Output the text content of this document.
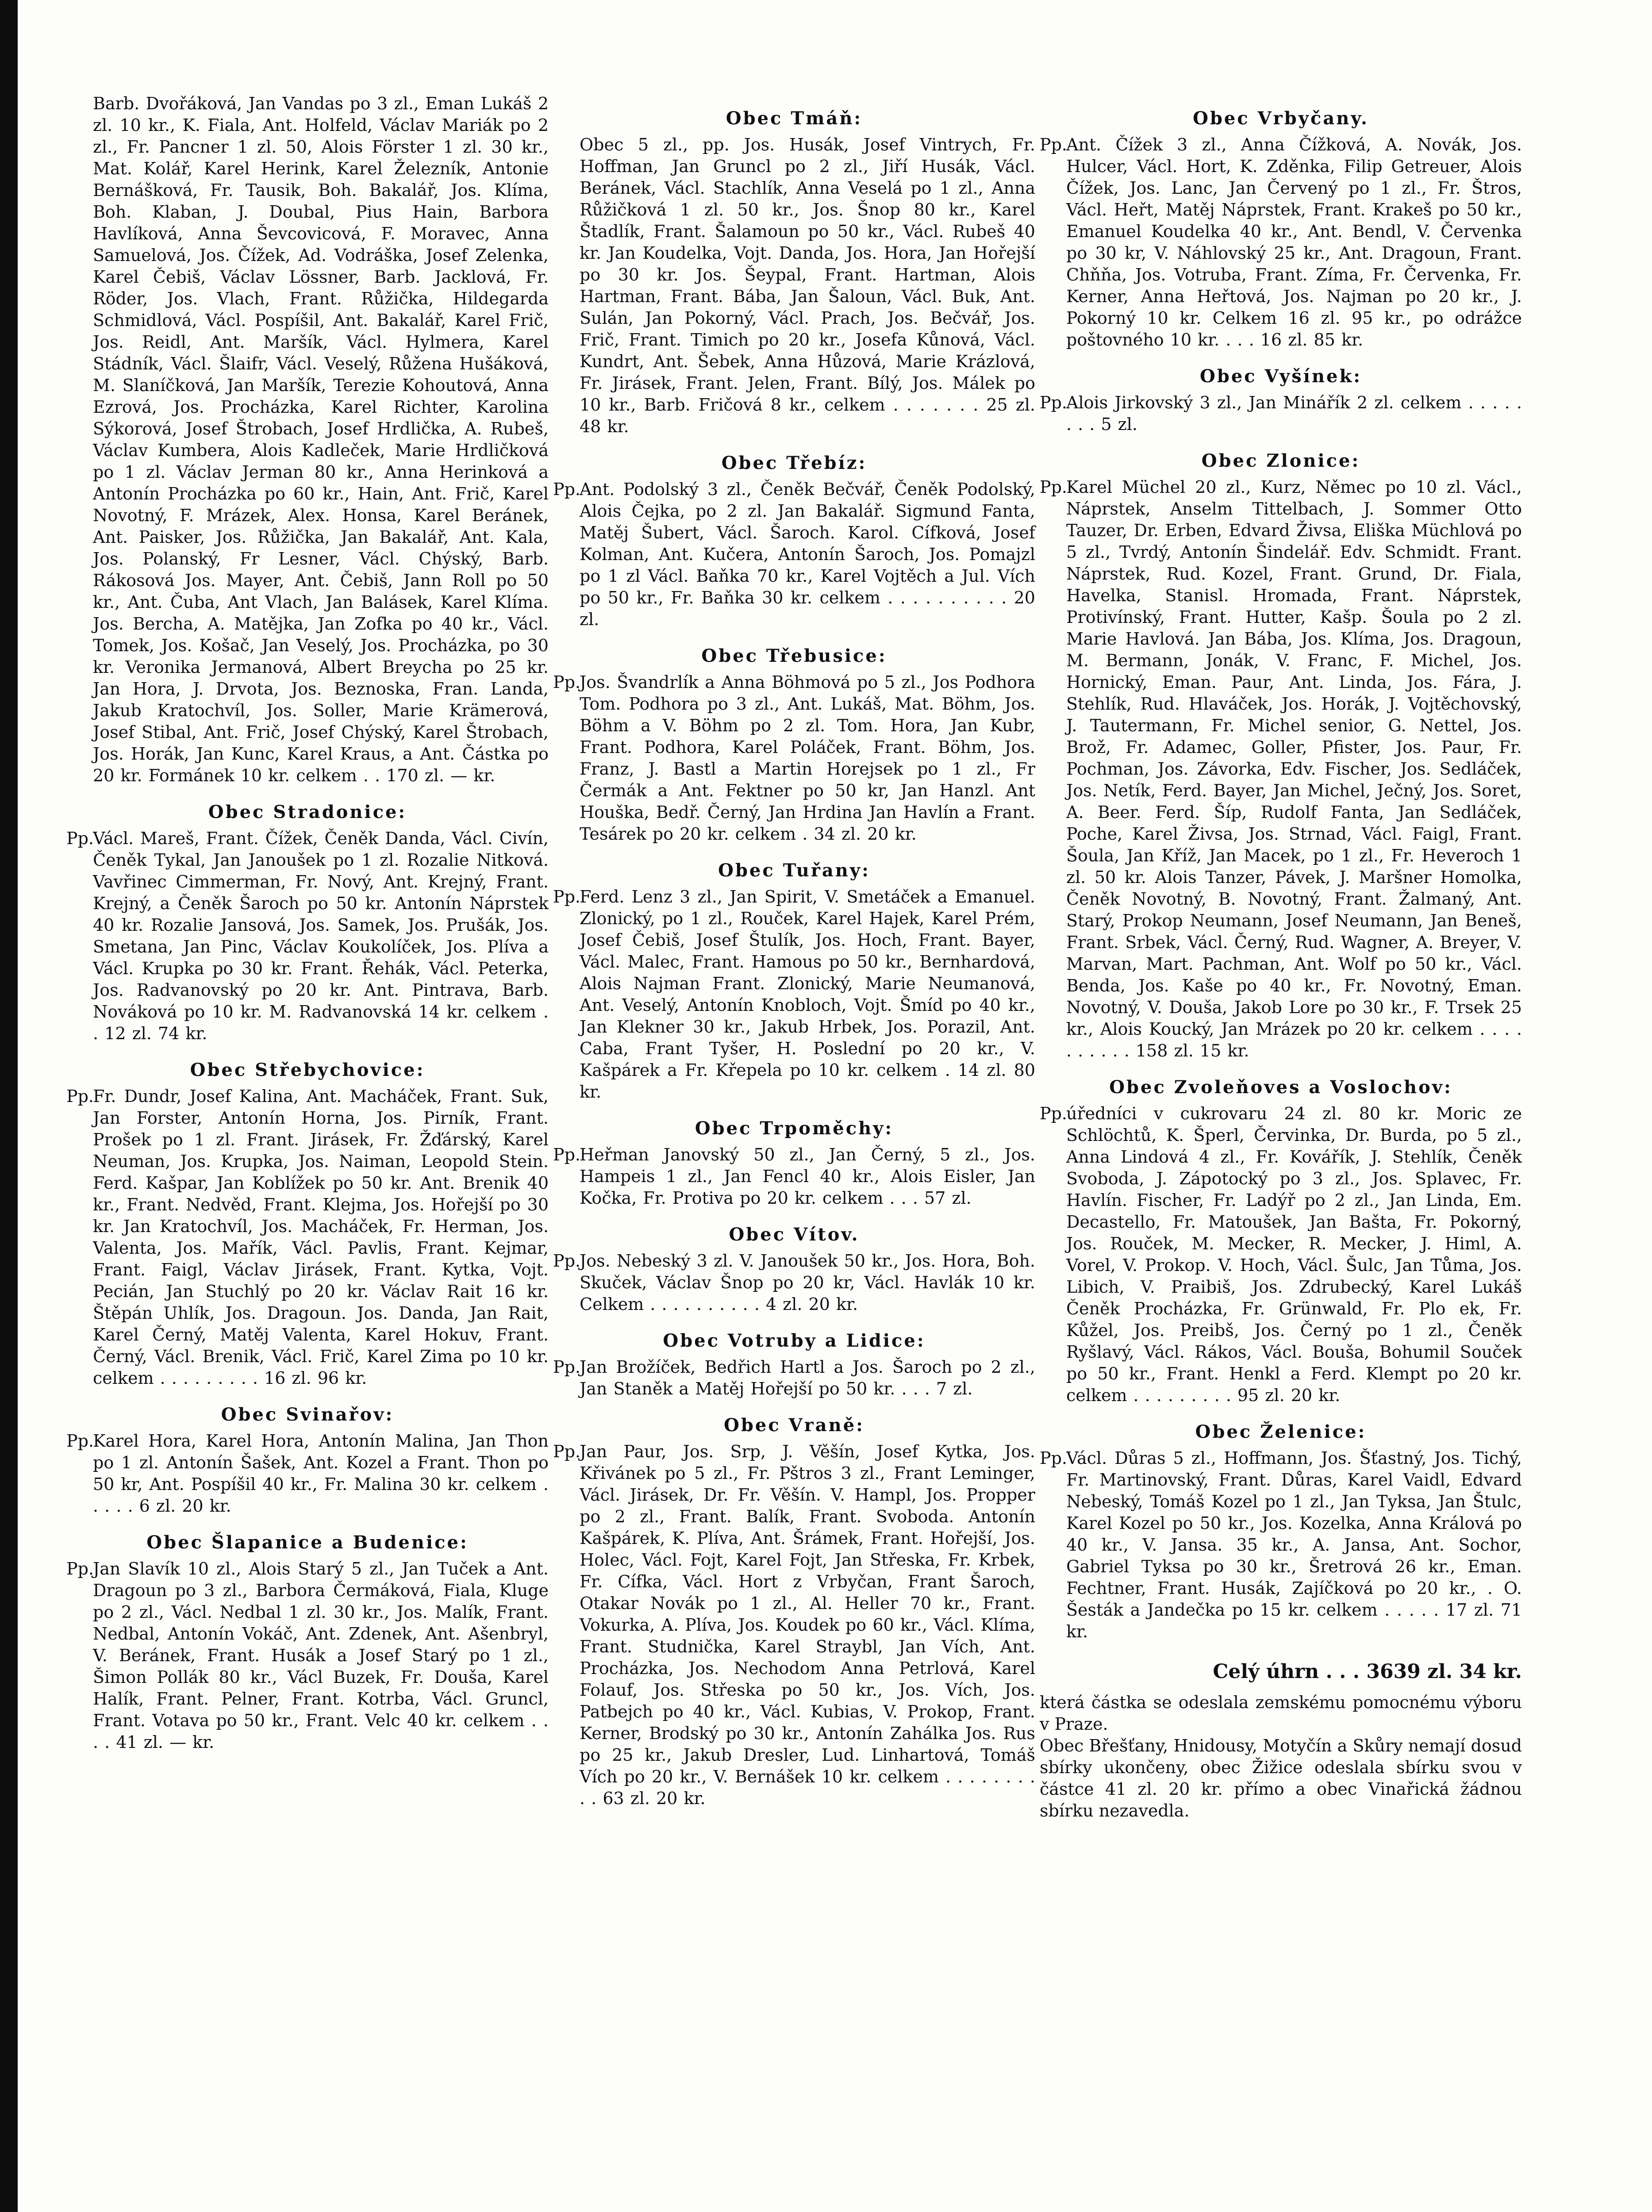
Barb. Dvořáková, Jan Vandas po 3 zl., Eman Lukáš 2 zl. 10 kr., K. Fiala, Ant. Holfeld, Václav Mariák po 2 zl., Fr. Pancner 1 zl. 50, Alois Förster 1 zl. 30 kr., Mat. Kolář, Karel Herink, Karel Železník, Antonie Bernášková, Fr. Tausik, Boh. Bakalář, Jos. Klíma, Boh. Klaban, J. Doubal, Pius Hain, Barbora Havlíková, Anna Ševcovicová, F. Moravec, Anna Samuelová, Jos. Čížek, Ad. Vodráška, Josef Zelenka, Karel Čebiš, Václav Lössner, Barb. Jacklová, Fr. Röder, Jos. Vlach, Frant. Růžička, Hildegarda Schmidlová, Václ. Pospíšil, Ant. Bakalář, Karel Frič, Jos. Reidl, Ant. Maršík, Václ. Hylmera, Karel Stádník, Václ. Šlaifr, Václ. Veselý, Růžena Hušáková, M. Slaníčková, Jan Maršík, Terezie Kohoutová, Anna Ezrová, Jos. Procházka, Karel Richter, Karolina Sýkorová, Josef Štrobach, Josef Hrdlička, A. Rubeš, Václav Kumbera, Alois Kadleček, Marie Hrdličková po 1 zl. Václav Jerman 80 kr., Anna Herinková a Antonín Procházka po 60 kr., Hain, Ant. Frič, Karel Novotný, F. Mrázek, Alex. Honsa, Karel Beránek, Ant. Paisker, Jos. Růžička, Jan Bakalář, Ant. Kala, Jos. Polanský, Fr Lesner, Václ. Chýský, Barb. Rákosová Jos. Mayer, Ant. Čebiš, Jann Roll po 50 kr., Ant. Čuba, Ant Vlach, Jan Balásek, Karel Klíma. Jos. Bercha, A. Matějka, Jan Zofka po 40 kr., Václ. Tomek, Jos. Košač, Jan Veselý, Jos. Procházka, po 30 kr. Veronika Jermanová, Albert Breycha po 25 kr. Jan Hora, J. Drvota, Jos. Beznoska, Fran. Landa, Jakub Kratochvíl, Jos. Soller, Marie Krämerová, Josef Stibal, Ant. Frič, Josef Chýský, Karel Štrobach, Jos. Horák, Jan Kunc, Karel Kraus, a Ant. Částka po 20 kr. Formánek 10 kr. celkem . . 170 zl. — kr.
Obec Stradonice:
Pp.
Václ. Mareš, Frant. Čížek, Čeněk Danda, Václ. Civín, Čeněk Tykal, Jan Janoušek po 1 zl. Rozalie Nitková. Vavřinec Cimmerman, Fr. Nový, Ant. Krejný, Frant. Krejný, a Čeněk Šaroch po 50 kr. Antonín Náprstek 40 kr. Rozalie Jansová, Jos. Samek, Jos. Prušák, Jos. Smetana, Jan Pinc, Václav Koukolíček, Jos. Plíva a Václ. Krupka po 30 kr. Frant. Řehák, Václ. Peterka, Jos. Radvanovský po 20 kr. Ant. Pintrava, Barb. Nováková po 10 kr. M. Radvanovská 14 kr. celkem . . 12 zl. 74 kr.
Obec Střebychovice:
Pp.
Fr. Dundr, Josef Kalina, Ant. Macháček, Frant. Suk, Jan Forster, Antonín Horna, Jos. Pirník, Frant. Prošek po 1 zl. Frant. Jirásek, Fr. Žďárský, Karel Neuman, Jos. Krupka, Jos. Naiman, Leopold Stein. Ferd. Kašpar, Jan Koblížek po 50 kr. Ant. Brenik 40 kr., Frant. Nedvěd, Frant. Klejma, Jos. Hořejší po 30 kr. Jan Kratochvíl, Jos. Macháček, Fr. Herman, Jos. Valenta, Jos. Mařík, Václ. Pavlis, Frant. Kejmar, Frant. Faigl, Václav Jirásek, Frant. Kytka, Vojt. Pecián, Jan Stuchlý po 20 kr. Václav Rait 16 kr. Štěpán Uhlík, Jos. Dragoun. Jos. Danda, Jan Rait, Karel Černý, Matěj Valenta, Karel Hokuv, Frant. Černý, Václ. Brenik, Václ. Frič, Karel Zima po 10 kr. celkem . . . . . . . . . 16 zl. 96 kr.
Obec Svinařov:
Pp.
Karel Hora, Karel Hora, Antonín Malina, Jan Thon po 1 zl. Antonín Šašek, Ant. Kozel a Frant. Thon po 50 kr, Ant. Pospíšil 40 kr., Fr. Malina 30 kr. celkem . . . . . 6 zl. 20 kr.
Obec Šlapanice a Budenice:
Pp.
Jan Slavík 10 zl., Alois Starý 5 zl., Jan Tuček a Ant. Dragoun po 3 zl., Barbora Čermáková, Fiala, Kluge po 2 zl., Václ. Nedbal 1 zl. 30 kr., Jos. Malík, Frant. Nedbal, Antonín Vokáč, Ant. Zdenek, Ant. Ašenbryl, V. Beránek, Frant. Husák a Josef Starý po 1 zl., Šimon Pollák 80 kr., Václ Buzek, Fr. Douša, Karel Halík, Frant. Pelner, Frant. Kotrba, Václ. Gruncl, Frant. Votava po 50 kr., Frant. Velc 40 kr. celkem . . . . 41 zl. — kr.
Obec Tmáň:
Obec 5 zl., pp. Jos. Husák, Josef Vintrych, Fr. Hoffman, Jan Gruncl po 2 zl., Jiří Husák, Václ. Beránek, Václ. Stachlík, Anna Veselá po 1 zl., Anna Růžičková 1 zl. 50 kr., Jos. Šnop 80 kr., Karel Štadlík, Frant. Šalamoun po 50 kr., Václ. Rubeš 40 kr. Jan Koudelka, Vojt. Danda, Jos. Hora, Jan Hořejší po 30 kr. Jos. Šeypal, Frant. Hartman, Alois Hartman, Frant. Bába, Jan Šaloun, Václ. Buk, Ant. Sulán, Jan Pokorný, Václ. Prach, Jos. Bečvář, Jos. Frič, Frant. Timich po 20 kr., Josefa Kůnová, Václ. Kundrt, Ant. Šebek, Anna Hůzová, Marie Krázlová, Fr. Jirásek, Frant. Jelen, Frant. Bílý, Jos. Málek po 10 kr., Barb. Fričová 8 kr., celkem . . . . . . . 25 zl. 48 kr.
Obec Třebíz:
Pp.
Ant. Podolský 3 zl., Čeněk Bečvář, Čeněk Podolský, Alois Čejka, po 2 zl. Jan Bakalář. Sigmund Fanta, Matěj Šubert, Václ. Šaroch. Karol. Cífková, Josef Kolman, Ant. Kučera, Antonín Šaroch, Jos. Pomajzl po 1 zl Václ. Baňka 70 kr., Karel Vojtěch a Jul. Vích po 50 kr., Fr. Baňka 30 kr. celkem . . . . . . . . . . 20 zl.
Obec Třebusice:
Pp.
Jos. Švandrlík a Anna Böhmová po 5 zl., Jos Podhora Tom. Podhora po 3 zl., Ant. Lukáš, Mat. Böhm, Jos. Böhm a V. Böhm po 2 zl. Tom. Hora, Jan Kubr, Frant. Podhora, Karel Poláček, Frant. Böhm, Jos. Franz, J. Bastl a Martin Horejsek po 1 zl., Fr Čermák a Ant. Fektner po 50 kr, Jan Hanzl. Ant Houška, Bedř. Černý, Jan Hrdina Jan Havlín a Frant. Tesárek po 20 kr. celkem . 34 zl. 20 kr.
Obec Tuřany:
Pp.
Ferd. Lenz 3 zl., Jan Spirit, V. Smetáček a Emanuel. Zlonický, po 1 zl., Rouček, Karel Hajek, Karel Prém, Josef Čebiš, Josef Štulík, Jos. Hoch, Frant. Bayer, Václ. Malec, Frant. Hamous po 50 kr., Bernhardová, Alois Najman Frant. Zlonický, Marie Neumanová, Ant. Veselý, Antonín Knobloch, Vojt. Šmíd po 40 kr., Jan Klekner 30 kr., Jakub Hrbek, Jos. Porazil, Ant. Caba, Frant Tyšer, H. Poslední po 20 kr., V. Kašpárek a Fr. Křepela po 10 kr. celkem . 14 zl. 80 kr.
Obec Trpoměchy:
Pp.
Heřman Janovský 50 zl., Jan Černý, 5 zl., Jos. Hampeis 1 zl., Jan Fencl 40 kr., Alois Eisler, Jan Kočka, Fr. Protiva po 20 kr. celkem . . . 57 zl.
Obec Vítov.
Pp.
Jos. Nebeský 3 zl. V. Janoušek 50 kr., Jos. Hora, Boh. Skuček, Václav Šnop po 20 kr, Václ. Havlák 10 kr. Celkem . . . . . . . . . . 4 zl. 20 kr.
Obec Votruby a Lidice:
Pp.
Jan Brožíček, Bedřich Hartl a Jos. Šaroch po 2 zl., Jan Staněk a Matěj Hořejší po 50 kr. . . . 7 zl.
Obec Vraně:
Pp.
Jan Paur, Jos. Srp, J. Věšín, Josef Kytka, Jos. Křivánek po 5 zl., Fr. Pštros 3 zl., Frant Leminger, Václ. Jirásek, Dr. Fr. Věšín. V. Hampl, Jos. Propper po 2 zl., Frant. Balík, Frant. Svoboda. Antonín Kašpárek, K. Plíva, Ant. Šrámek, Frant. Hořejší, Jos. Holec, Václ. Fojt, Karel Fojt, Jan Střeska, Fr. Krbek, Fr. Cífka, Václ. Hort z Vrbyčan, Frant Šaroch, Otakar Novák po 1 zl., Al. Heller 70 kr., Frant. Vokurka, A. Plíva, Jos. Koudek po 60 kr., Václ. Klíma, Frant. Studnička, Karel Straybl, Jan Vích, Ant. Procházka, Jos. Nechodom Anna Petrlová, Karel Folauf, Jos. Střeska po 50 kr., Jos. Vích, Jos. Patbejch po 40 kr., Václ. Kubias, V. Prokop, Frant. Kerner, Brodský po 30 kr., Antonín Zahálka Jos. Rus po 25 kr., Jakub Dresler, Lud. Linhartová, Tomáš Vích po 20 kr., V. Bernášek 10 kr. celkem . . . . . . . . . . 63 zl. 20 kr.
Obec Vrbyčany.
Pp.
Ant. Čížek 3 zl., Anna Čížková, A. Novák, Jos. Hulcer, Václ. Hort, K. Zděnka, Filip Getreuer, Alois Čížek, Jos. Lanc, Jan Červený po 1 zl., Fr. Štros, Václ. Heřt, Matěj Náprstek, Frant. Krakeš po 50 kr., Emanuel Koudelka 40 kr., Ant. Bendl, V. Červenka po 30 kr, V. Náhlovský 25 kr., Ant. Dragoun, Frant. Chňňa, Jos. Votruba, Frant. Zíma, Fr. Červenka, Fr. Kerner, Anna Heřtová, Jos. Najman po 20 kr., J. Pokorný 10 kr. Celkem 16 zl. 95 kr., po odrážce poštovného 10 kr. . . . 16 zl. 85 kr.
Obec Vyšínek:
Pp.
Alois Jirkovský 3 zl., Jan Minářík 2 zl. celkem . . . . . . . . 5 zl.
Obec Zlonice:
Pp.
Karel Müchel 20 zl., Kurz, Němec po 10 zl. Václ., Náprstek, Anselm Tittelbach, J. Sommer Otto Tauzer, Dr. Erben, Edvard Živsa, Eliška Müchlová po 5 zl., Tvrdý, Antonín Šindelář. Edv. Schmidt. Frant. Náprstek, Rud. Kozel, Frant. Grund, Dr. Fiala, Havelka, Stanisl. Hromada, Frant. Náprstek, Protivínský, Frant. Hutter, Kašp. Šoula po 2 zl. Marie Havlová. Jan Bába, Jos. Klíma, Jos. Dragoun, M. Bermann, Jonák, V. Franc, F. Michel, Jos. Hornický, Eman. Paur, Ant. Linda, Jos. Fára, J. Stehlík, Rud. Hlaváček, Jos. Horák, J. Vojtěchovský, J. Tautermann, Fr. Michel senior, G. Nettel, Jos. Brož, Fr. Adamec, Goller, Pfister, Jos. Paur, Fr. Pochman, Jos. Závorka, Edv. Fischer, Jos. Sedláček, Jos. Netík, Ferd. Bayer, Jan Michel, Ječný, Jos. Soret, A. Beer. Ferd. Šíp, Rudolf Fanta, Jan Sedláček, Poche, Karel Živsa, Jos. Strnad, Václ. Faigl, Frant. Šoula, Jan Kříž, Jan Macek, po 1 zl., Fr. Heveroch 1 zl. 50 kr. Alois Tanzer, Pávek, J. Maršner Homolka, Čeněk Novotný, B. Novotný, Frant. Žalmaný, Ant. Starý, Prokop Neumann, Josef Neumann, Jan Beneš, Frant. Srbek, Václ. Černý, Rud. Wagner, A. Breyer, V. Marvan, Mart. Pachman, Ant. Wolf po 50 kr., Václ. Benda, Jos. Kaše po 40 kr., Fr. Novotný, Eman. Novotný, V. Douša, Jakob Lore po 30 kr., F. Trsek 25 kr., Alois Koucký, Jan Mrázek po 20 kr. celkem . . . . . . . . . . 158 zl. 15 kr.
Obec Zvoleňoves a Voslochov:
Pp.
úředníci v cukrovaru 24 zl. 80 kr. Moric ze Schlöchtů, K. Šperl, Červinka, Dr. Burda, po 5 zl., Anna Lindová 4 zl., Fr. Kovářík, J. Stehlík, Čeněk Svoboda, J. Zápotocký po 3 zl., Jos. Splavec, Fr. Havlín. Fischer, Fr. Ladýř po 2 zl., Jan Linda, Em. Decastello, Fr. Matoušek, Jan Bašta, Fr. Pokorný, Jos. Rouček, M. Mecker, R. Mecker, J. Himl, A. Vorel, V. Prokop. V. Hoch, Václ. Šulc, Jan Tůma, Jos. Libich, V. Praibiš, Jos. Zdrubecký, Karel Lukáš Čeněk Procházka, Fr. Grünwald, Fr. Plo ek, Fr. Kůžel, Jos. Preibš, Jos. Černý po 1 zl., Čeněk Ryšlavý, Václ. Rákos, Václ. Bouša, Bohumil Souček po 50 kr., Frant. Henkl a Ferd. Klempt po 20 kr. celkem . . . . . . . . . 95 zl. 20 kr.
Obec Želenice:
Pp.
Václ. Důras 5 zl., Hoffmann, Jos. Šťastný, Jos. Tichý, Fr. Martinovský, Frant. Důras, Karel Vaidl, Edvard Nebeský, Tomáš Kozel po 1 zl., Jan Tyksa, Jan Štulc, Karel Kozel po 50 kr., Jos. Kozelka, Anna Králová po 40 kr., V. Jansa. 35 kr., A. Jansa, Ant. Sochor, Gabriel Tyksa po 30 kr., Šretrová 26 kr., Eman. Fechtner, Frant. Husák, Zajíčková po 20 kr., . O. Šesták a Jandečka po 15 kr. celkem . . . . . 17 zl. 71 kr.
Celý úhrn . . . 3639 zl. 34 kr.
která částka se odeslala zemskému pomocnému výboru v Praze.
Obec Břešťany, Hnidousy, Motyčín a Skůry nemají dosud sbírky ukončeny, obec Žižice odeslala sbírku svou v částce 41 zl. 20 kr. přímo a obec Vinařická žádnou sbírku nezavedla.
